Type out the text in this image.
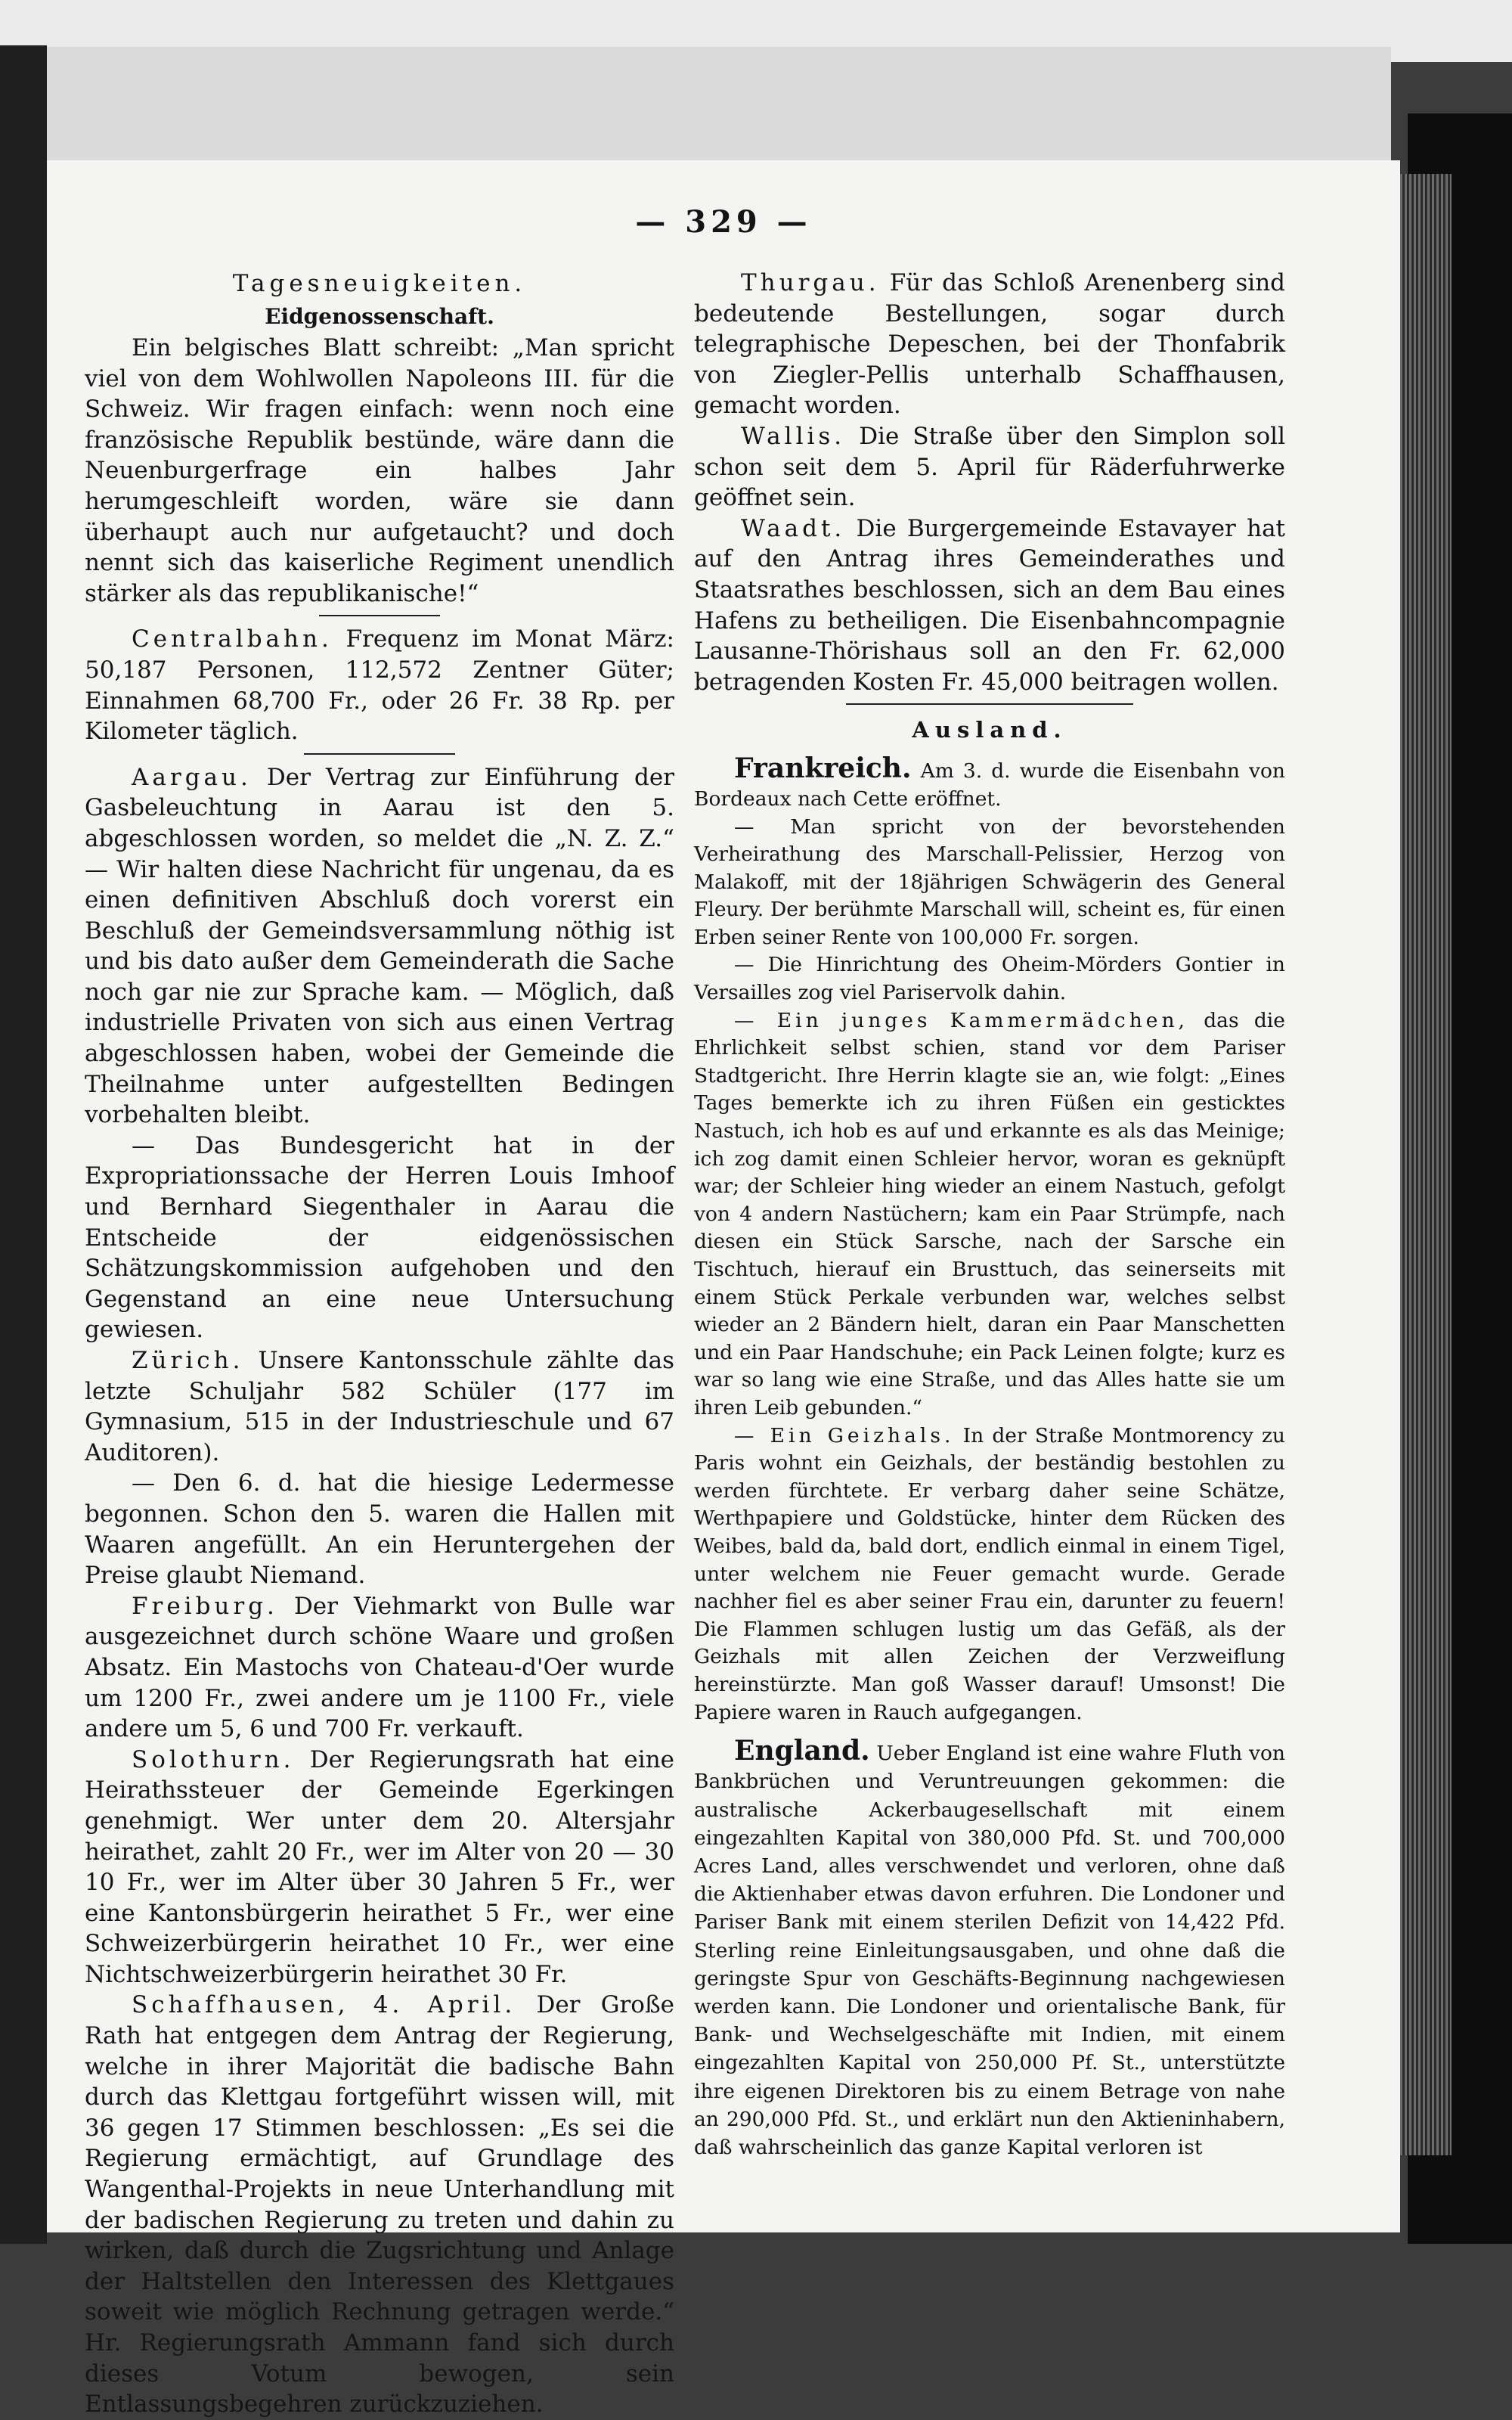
— 329 —
Tagesneuigkeiten.
Eidgenossenschaft.

Ein belgisches Blatt schreibt: „Man spricht viel von dem Wohlwollen Napoleons III. für die Schweiz. Wir fragen einfach: wenn noch eine französische Republik bestünde, wäre dann die Neuenburgerfrage ein halbes Jahr herumgeschleift worden, wäre sie dann überhaupt auch nur aufgetaucht? und doch nennt sich das kaiserliche Regiment unendlich stärker als das republikanische!“

Centralbahn. Frequenz im Monat März: 50,187 Personen, 112,572 Zentner Güter; Einnahmen 68,700 Fr., oder 26 Fr. 38 Rp. per Kilometer täglich.

Aargau. Der Vertrag zur Einführung der Gasbeleuchtung in Aarau ist den 5. abgeschlossen worden, so meldet die „N. Z. Z.“ — Wir halten diese Nachricht für ungenau, da es einen definitiven Abschluß doch vorerst ein Beschluß der Gemeindsversammlung nöthig ist und bis dato außer dem Gemeinderath die Sache noch gar nie zur Sprache kam. — Möglich, daß industrielle Privaten von sich aus einen Vertrag abgeschlossen haben, wobei der Gemeinde die Theilnahme unter aufgestellten Bedingen vorbehalten bleibt.

— Das Bundesgericht hat in der Expropriationssache der Herren Louis Imhoof und Bernhard Siegenthaler in Aarau die Entscheide der eidgenössischen Schätzungskommission aufgehoben und den Gegenstand an eine neue Untersuchung gewiesen.

Zürich. Unsere Kantonsschule zählte das letzte Schuljahr 582 Schüler (177 im Gymnasium, 515 in der Industrieschule und 67 Auditoren).

— Den 6. d. hat die hiesige Ledermesse begonnen. Schon den 5. waren die Hallen mit Waaren angefüllt. An ein Heruntergehen der Preise glaubt Niemand.

Freiburg. Der Viehmarkt von Bulle war ausgezeichnet durch schöne Waare und großen Absatz. Ein Mastochs von Chateau-d'Oer wurde um 1200 Fr., zwei andere um je 1100 Fr., viele andere um 5, 6 und 700 Fr. verkauft.

Solothurn. Der Regierungsrath hat eine Heirathssteuer der Gemeinde Egerkingen genehmigt. Wer unter dem 20. Altersjahr heirathet, zahlt 20 Fr., wer im Alter von 20 — 30 10 Fr., wer im Alter über 30 Jahren 5 Fr., wer eine Kantonsbürgerin heirathet 5 Fr., wer eine Schweizerbürgerin heirathet 10 Fr., wer eine Nichtschweizerbürgerin heirathet 30 Fr.

Schaffhausen, 4. April. Der Große Rath hat entgegen dem Antrag der Regierung, welche in ihrer Majorität die badische Bahn durch das Klettgau fortgeführt wissen will, mit 36 gegen 17 Stimmen beschlossen: „Es sei die Regierung ermächtigt, auf Grundlage des Wangenthal-Projekts in neue Unterhandlung mit der badischen Regierung zu treten und dahin zu wirken, daß durch die Zugsrichtung und Anlage der Haltstellen den Interessen des Klettgaues soweit wie möglich Rechnung getragen werde.“ Hr. Regierungsrath Ammann fand sich durch dieses Votum bewogen, sein Entlassungsbegehren zurückzuziehen.

Thurgau. Für das Schloß Arenenberg sind bedeutende Bestellungen, sogar durch telegraphische Depeschen, bei der Thonfabrik von Ziegler-Pellis unterhalb Schaffhausen, gemacht worden.

Wallis. Die Straße über den Simplon soll schon seit dem 5. April für Räderfuhrwerke geöffnet sein.

Waadt. Die Burgergemeinde Estavayer hat auf den Antrag ihres Gemeinderathes und Staatsrathes beschlossen, sich an dem Bau eines Hafens zu betheiligen. Die Eisenbahncompagnie Lausanne-Thörishaus soll an den Fr. 62,000 betragenden Kosten Fr. 45,000 beitragen wollen.

Ausland.

Frankreich. Am 3. d. wurde die Eisenbahn von Bordeaux nach Cette eröffnet.

— Man spricht von der bevorstehenden Verheirathung des Marschall-Pelissier, Herzog von Malakoff, mit der 18jährigen Schwägerin des General Fleury. Der berühmte Marschall will, scheint es, für einen Erben seiner Rente von 100,000 Fr. sorgen.

— Die Hinrichtung des Oheim-Mörders Gontier in Versailles zog viel Pariservolk dahin.

— Ein junges Kammermädchen, das die Ehrlichkeit selbst schien, stand vor dem Pariser Stadtgericht. Ihre Herrin klagte sie an, wie folgt: „Eines Tages bemerkte ich zu ihren Füßen ein gesticktes Nastuch, ich hob es auf und erkannte es als das Meinige; ich zog damit einen Schleier hervor, woran es geknüpft war; der Schleier hing wieder an einem Nastuch, gefolgt von 4 andern Nastüchern; kam ein Paar Strümpfe, nach diesen ein Stück Sarsche, nach der Sarsche ein Tischtuch, hierauf ein Brusttuch, das seinerseits mit einem Stück Perkale verbunden war, welches selbst wieder an 2 Bändern hielt, daran ein Paar Manschetten und ein Paar Handschuhe; ein Pack Leinen folgte; kurz es war so lang wie eine Straße, und das Alles hatte sie um ihren Leib gebunden.“

— Ein Geizhals. In der Straße Montmorency zu Paris wohnt ein Geizhals, der beständig bestohlen zu werden fürchtete. Er verbarg daher seine Schätze, Werthpapiere und Goldstücke, hinter dem Rücken des Weibes, bald da, bald dort, endlich einmal in einem Tigel, unter welchem nie Feuer gemacht wurde. Gerade nachher fiel es aber seiner Frau ein, darunter zu feuern! Die Flammen schlugen lustig um das Gefäß, als der Geizhals mit allen Zeichen der Verzweiflung hereinstürzte. Man goß Wasser darauf! Umsonst! Die Papiere waren in Rauch aufgegangen.

England. Ueber England ist eine wahre Fluth von Bankbrüchen und Veruntreuungen gekommen: die australische Ackerbaugesellschaft mit einem eingezahlten Kapital von 380,000 Pfd. St. und 700,000 Acres Land, alles verschwendet und verloren, ohne daß die Aktienhaber etwas davon erfuhren. Die Londoner und Pariser Bank mit einem sterilen Defizit von 14,422 Pfd. Sterling reine Einleitungsausgaben, und ohne daß die geringste Spur von Geschäfts-Beginnung nachgewiesen werden kann. Die Londoner und orientalische Bank, für Bank- und Wechselgeschäfte mit Indien, mit einem eingezahlten Kapital von 250,000 Pf. St., unterstützte ihre eigenen Direktoren bis zu einem Betrage von nahe an 290,000 Pfd. St., und erklärt nun den Aktieninhabern, daß wahrscheinlich das ganze Kapital verloren ist
